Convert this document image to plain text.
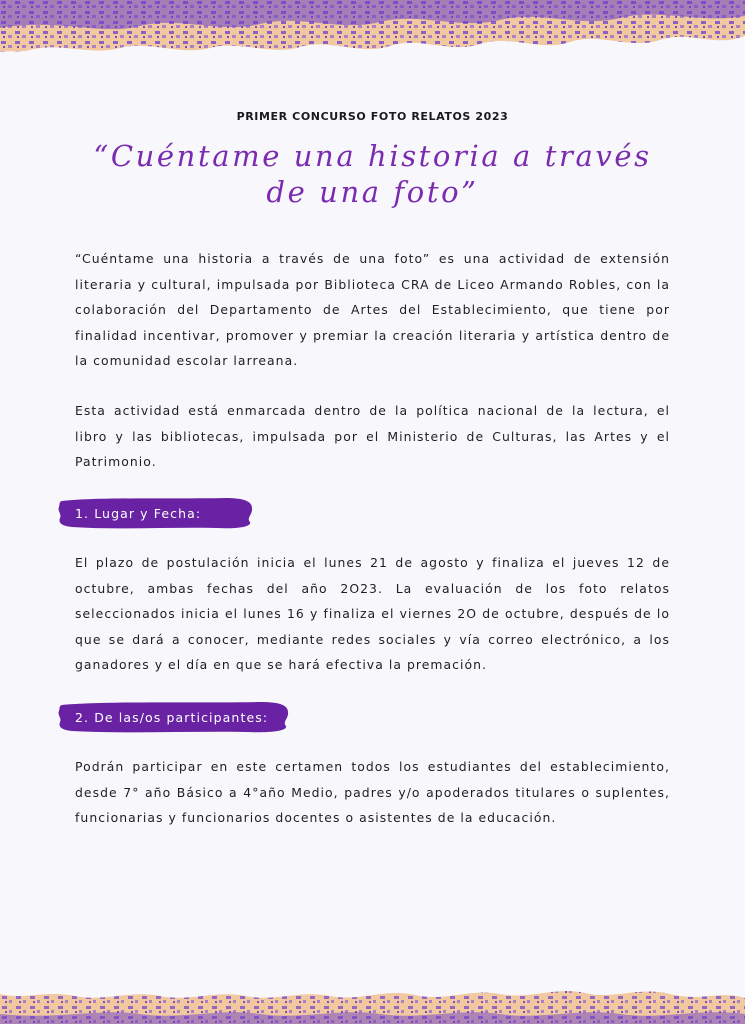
PRIMER CONCURSO FOTO RELATOS 2023
“Cuéntame una historia a través de una foto”

“Cuéntame una historia a través de una foto” es una actividad de extensión literaria y cultural, impulsada por Biblioteca CRA de Liceo Armando Robles, con la colaboración del Departamento de Artes del Establecimiento, que tiene por finalidad incentivar, promover y premiar la creación literaria y artística dentro de la comunidad escolar larreana.

Esta actividad está enmarcada dentro de la política nacional de la lectura, el libro y las bibliotecas, impulsada por el Ministerio de Culturas, las Artes y el Patrimonio.

1. Lugar y Fecha:

El plazo de postulación inicia el lunes 21 de agosto y finaliza el jueves 12 de octubre, ambas fechas del año 2O23. La evaluación de los foto relatos seleccionados inicia el lunes 16 y finaliza el viernes 2O de octubre, después de lo que se dará a conocer, mediante redes sociales y vía correo electrónico, a los ganadores y el día en que se hará efectiva la premación.

2. De las/os participantes:

Podrán participar en este certamen todos los estudiantes del establecimiento, desde 7° año Básico a 4°año Medio, padres y/o apoderados titulares o suplentes, funcionarias y funcionarios docentes o asistentes de la educación.
